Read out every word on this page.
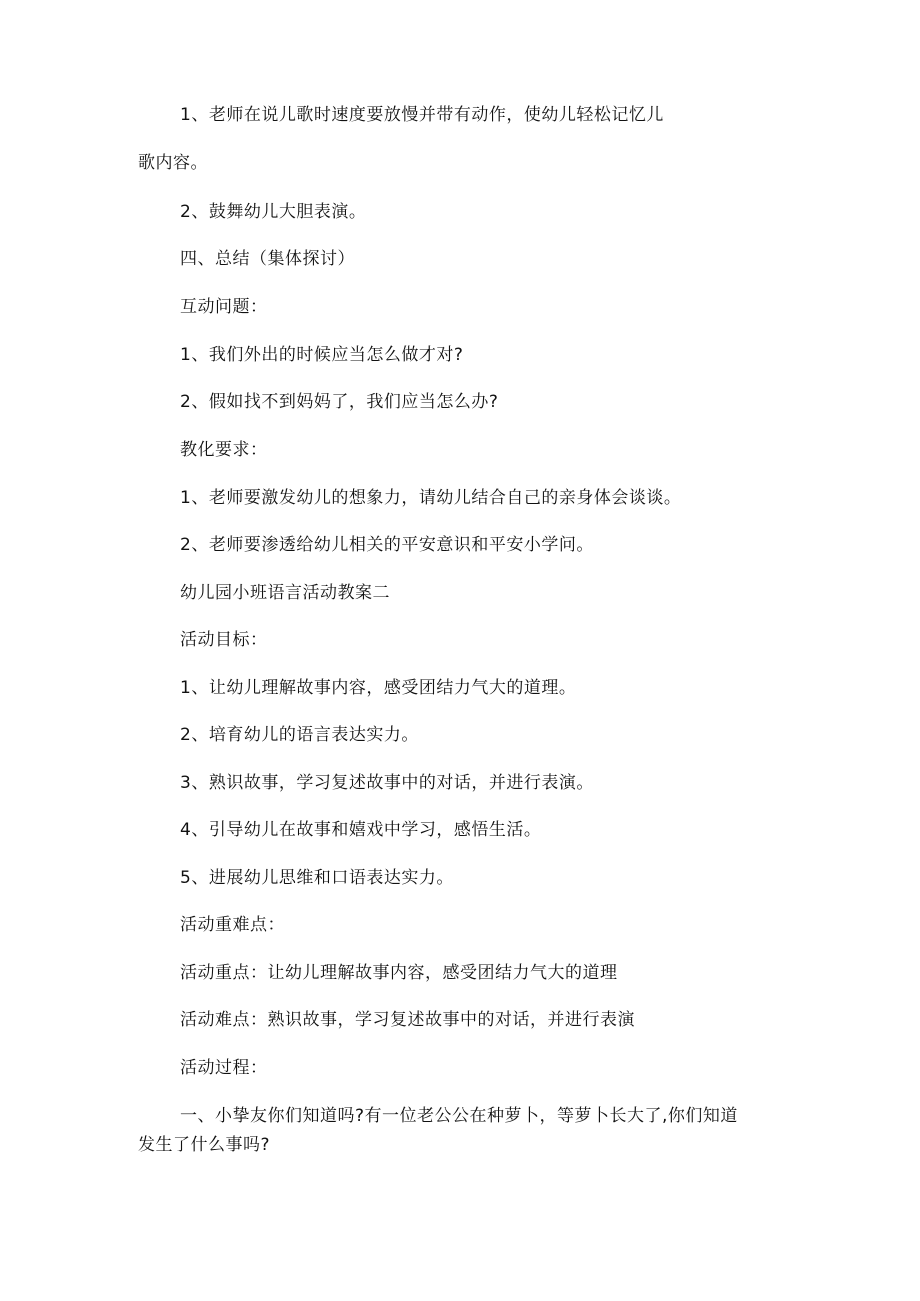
1、老师在说儿歌时速度要放慢并带有动作，使幼儿轻松记忆儿

歌内容。

2、鼓舞幼儿大胆表演。

四、总结（集体探讨）

互动问题：

1、我们外出的时候应当怎么做才对?

2、假如找不到妈妈了，我们应当怎么办?

教化要求：

1、老师要激发幼儿的想象力，请幼儿结合自己的亲身体会谈谈。

2、老师要渗透给幼儿相关的平安意识和平安小学问。

幼儿园小班语言活动教案二

活动目标：

1、让幼儿理解故事内容，感受团结力气大的道理。

2、培育幼儿的语言表达实力。

3、熟识故事，学习复述故事中的对话，并进行表演。

4、引导幼儿在故事和嬉戏中学习，感悟生活。

5、进展幼儿思维和口语表达实力。

活动重难点：

活动重点：让幼儿理解故事内容，感受团结力气大的道理

活动难点：熟识故事，学习复述故事中的对话，并进行表演

活动过程：

一、小挚友你们知道吗?有一位老公公在种萝卜，等萝卜长大了,你们知道

发生了什么事吗?
